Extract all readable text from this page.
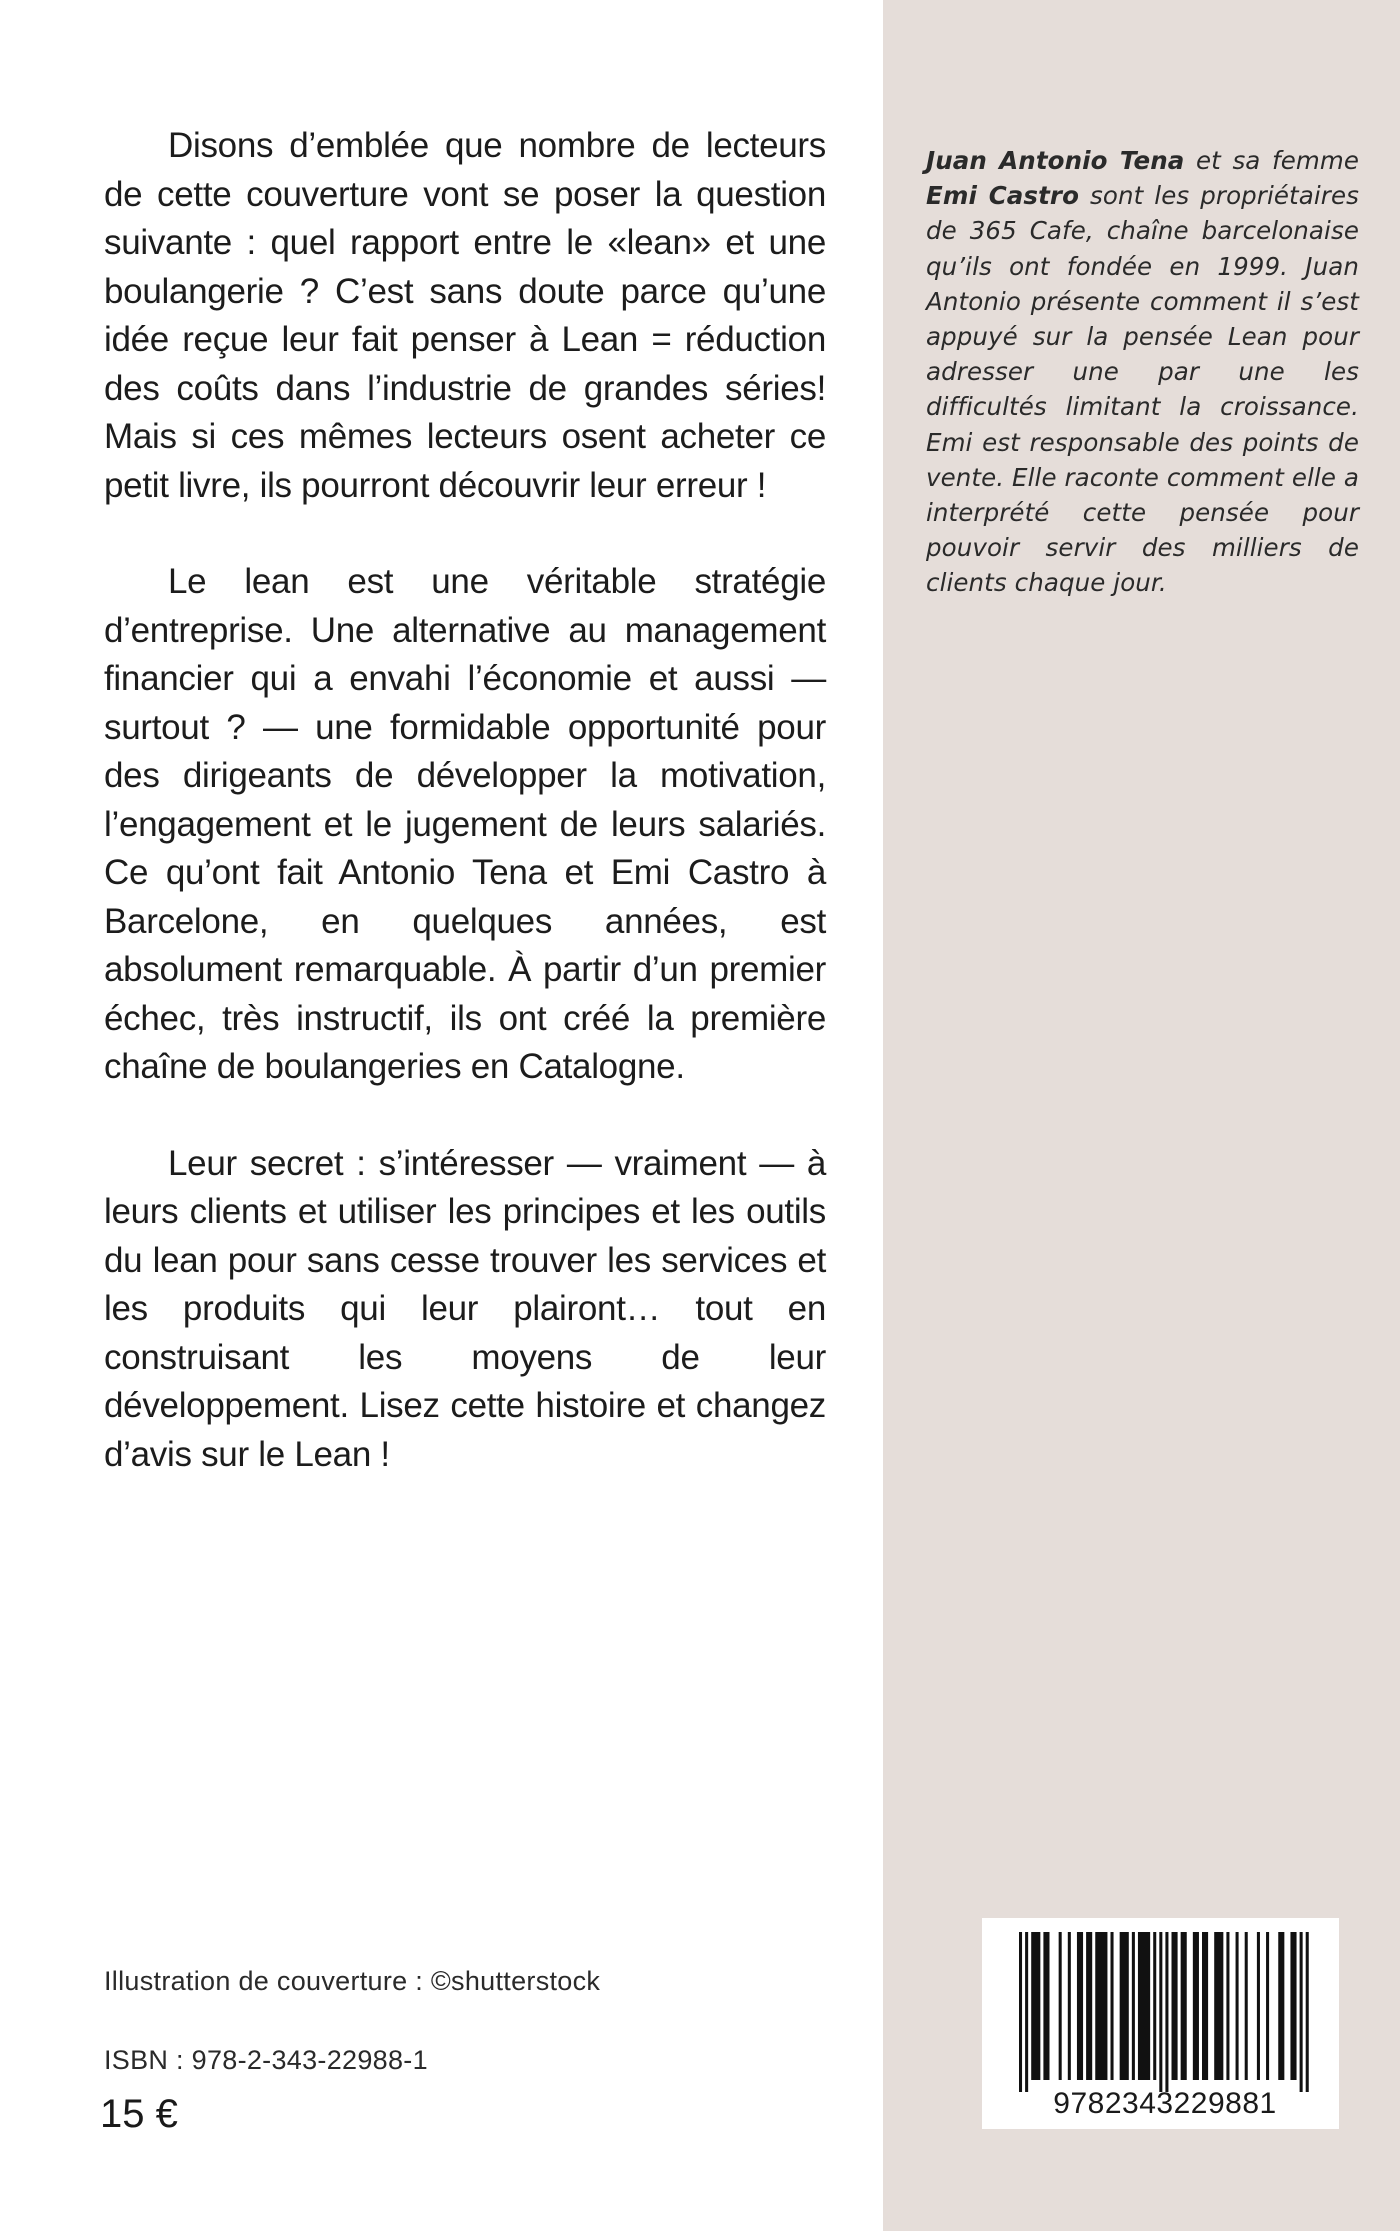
Disons d’emblée que nombre de lecteurs de cette couverture vont se poser la question suivante : quel rapport entre le «lean» et une boulangerie ? C’est sans doute parce qu’une idée reçue leur fait penser à Lean = réduction des coûts dans l’industrie de grandes séries! Mais si ces mêmes lecteurs osent acheter ce petit livre, ils pourront découvrir leur erreur !

Le lean est une véritable stratégie d’entreprise. Une alternative au management financier qui a envahi l’économie et aussi — surtout ? — une formidable opportunité pour des dirigeants de développer la motivation, l’engagement et le jugement de leurs salariés. Ce qu’ont fait Antonio Tena et Emi Castro à Barcelone, en quelques années, est absolument remarquable. À partir d’un premier échec, très instructif, ils ont créé la première chaîne de boulangeries en Catalogne.

Leur secret : s’intéresser — vraiment — à leurs clients et utiliser les principes et les outils du lean pour sans cesse trouver les services et les produits qui leur plairont… tout en construisant les moyens de leur développement. Lisez cette histoire et changez d’avis sur le Lean !

Juan Antonio Tena et sa femme Emi Castro sont les propriétaires de 365 Cafe, chaîne barcelonaise qu’ils ont fondée en 1999. Juan Antonio présente comment il s’est appuyé sur la pensée Lean pour adresser une par une les difficultés limitant la croissance. Emi est responsable des points de vente. Elle raconte comment elle a interprété cette pensée pour pouvoir servir des milliers de clients chaque jour.
Illustration de couverture : ©shutterstock
ISBN : 978-2-343-22988-1
15 €	9782343229881
